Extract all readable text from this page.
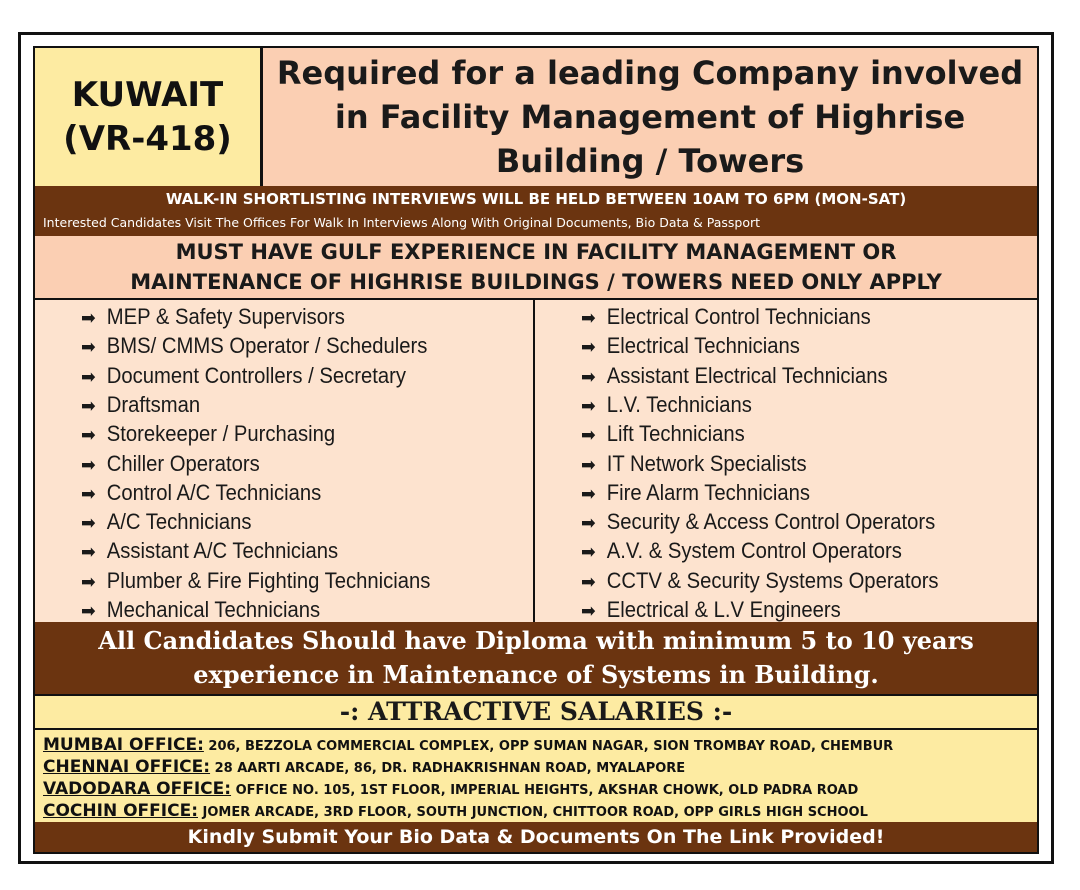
KUWAIT
(VR-418)
Required for a leading Company involved
in Facility Management of Highrise
Building / Towers
WALK-IN SHORTLISTING INTERVIEWS WILL BE HELD BETWEEN 10AM TO 6PM (MON-SAT)
Interested Candidates Visit The Offices For Walk In Interviews Along With Original Documents, Bio Data & Passport
MUST HAVE GULF EXPERIENCE IN FACILITY MANAGEMENT OR
MAINTENANCE OF HIGHRISE BUILDINGS / TOWERS NEED ONLY APPLY
➡ MEP & Safety Supervisors
➡ BMS/ CMMS Operator / Schedulers
➡ Document Controllers / Secretary
➡ Draftsman
➡ Storekeeper / Purchasing
➡ Chiller Operators
➡ Control A/C Technicians
➡ A/C Technicians
➡ Assistant A/C Technicians
➡ Plumber & Fire Fighting Technicians
➡ Mechanical Technicians
➡ Electrical Control Technicians
➡ Electrical Technicians
➡ Assistant Electrical Technicians
➡ L.V. Technicians
➡ Lift Technicians
➡ IT Network Specialists
➡ Fire Alarm Technicians
➡ Security & Access Control Operators
➡ A.V. & System Control Operators
➡ CCTV & Security Systems Operators
➡ Electrical & L.V Engineers
All Candidates Should have Diploma with minimum 5 to 10 years
experience in Maintenance of Systems in Building.
-: ATTRACTIVE SALARIES :-
MUMBAI OFFICE: 206, BEZZOLA COMMERCIAL COMPLEX, OPP SUMAN NAGAR, SION TROMBAY ROAD, CHEMBUR
CHENNAI OFFICE: 28 AARTI ARCADE, 86, DR. RADHAKRISHNAN ROAD, MYALAPORE
VADODARA OFFICE: OFFICE NO. 105, 1ST FLOOR, IMPERIAL HEIGHTS, AKSHAR CHOWK, OLD PADRA ROAD
COCHIN OFFICE: JOMER ARCADE, 3RD FLOOR, SOUTH JUNCTION, CHITTOOR ROAD, OPP GIRLS HIGH SCHOOL
Kindly Submit Your Bio Data & Documents On The Link Provided!
